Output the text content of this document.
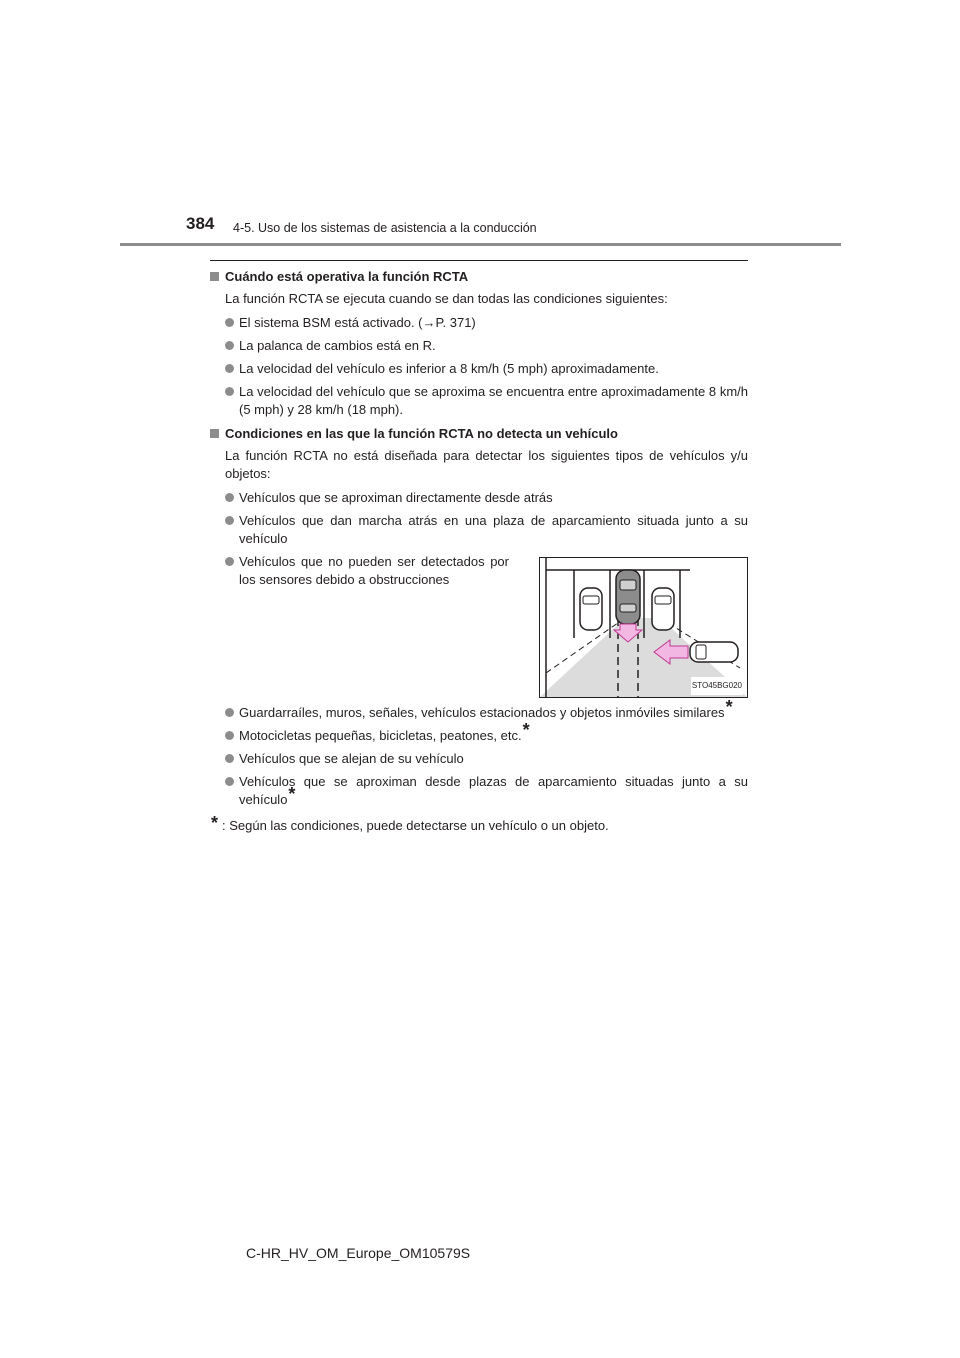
384 4-5. Uso de los sistemas de asistencia a la conducción
Cuándo está operativa la función RCTA
La función RCTA se ejecuta cuando se dan todas las condiciones siguientes:
El sistema BSM está activado. (→P. 371)
La palanca de cambios está en R.
La velocidad del vehículo es inferior a 8 km/h (5 mph) aproximadamente.
La velocidad del vehículo que se aproxima se encuentra entre aproximadamente 8 km/h (5 mph) y 28 km/h (18 mph).
Condiciones en las que la función RCTA no detecta un vehículo
La función RCTA no está diseñada para detectar los siguientes tipos de vehículos y/u objetos:
Vehículos que se aproximan directamente desde atrás
Vehículos que dan marcha atrás en una plaza de aparcamiento situada junto a su vehículo
Vehículos que no pueden ser detectados por los sensores debido a obstrucciones
STO45BG020
Guardarraíles, muros, señales, vehículos estacionados y objetos inmóviles similares*
Motocicletas pequeñas, bicicletas, peatones, etc.*
Vehículos que se alejan de su vehículo
Vehículos que se aproximan desde plazas de aparcamiento situadas junto a su vehículo*
* : Según las condiciones, puede detectarse un vehículo o un objeto.
C-HR_HV_OM_Europe_OM10579S
